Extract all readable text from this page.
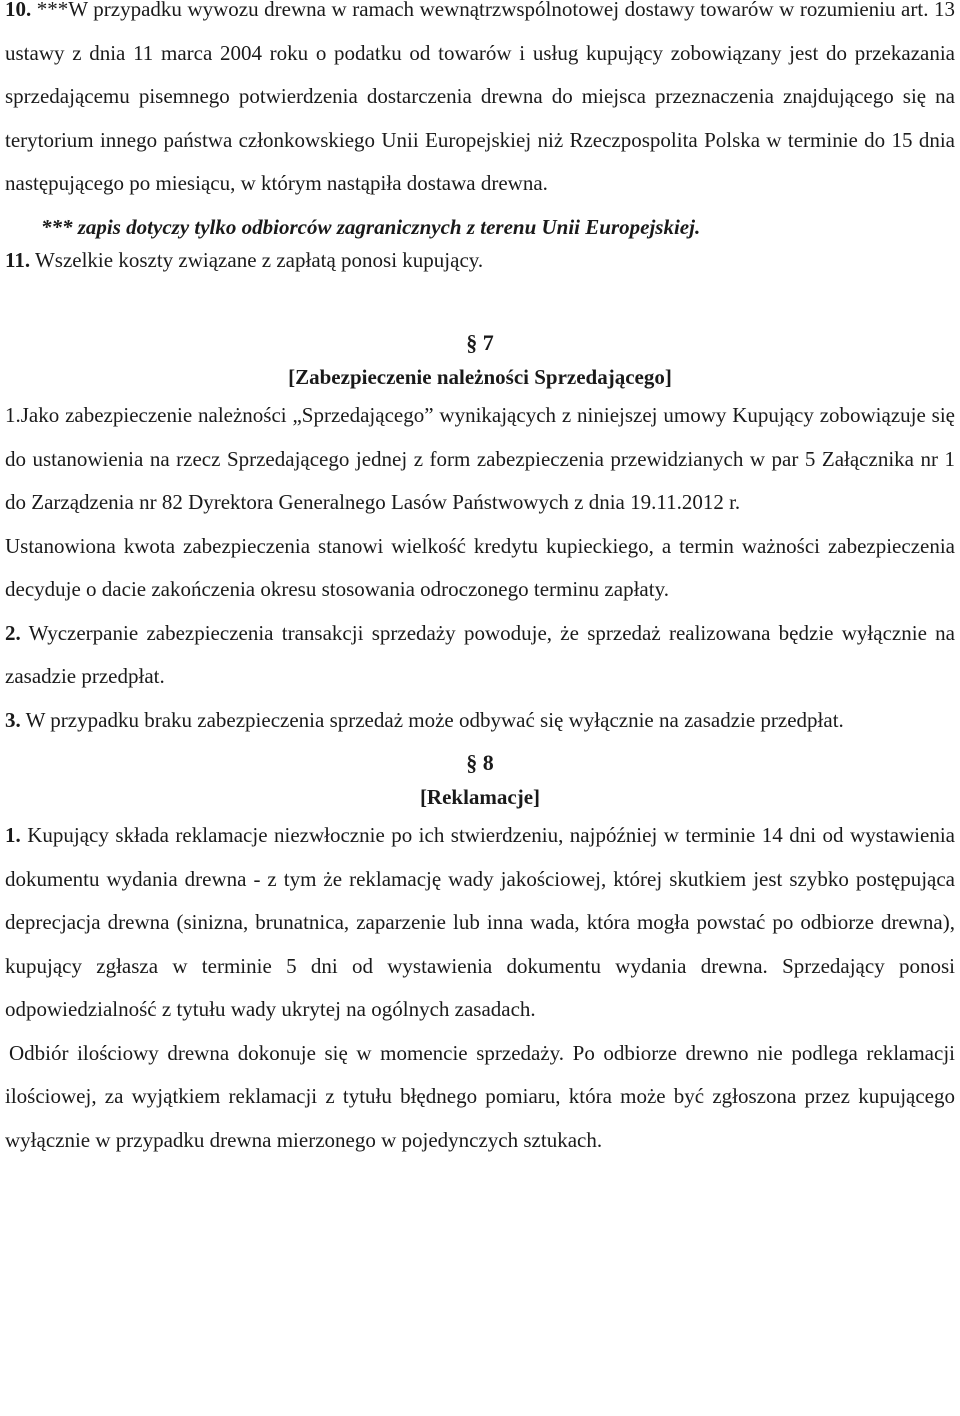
10. ***W przypadku wywozu drewna w ramach wewnątrzwspólnotowej dostawy towarów w rozumieniu art. 13 ustawy z dnia 11 marca 2004 roku o podatku od towarów i usług kupujący zobowiązany jest do przekazania sprzedającemu pisemnego potwierdzenia dostarczenia drewna do miejsca przeznaczenia znajdującego się na terytorium innego państwa członkowskiego Unii Europejskiej niż Rzeczpospolita Polska w terminie do 15 dnia następującego po miesiącu, w którym nastąpiła dostawa drewna.

*** zapis dotyczy tylko odbiorców zagranicznych z terenu Unii Europejskiej.

11. Wszelkie koszty związane z zapłatą ponosi kupujący.

§ 7

[Zabezpieczenie należności Sprzedającego]

1.Jako zabezpieczenie należności „Sprzedającego” wynikających z niniejszej umowy Kupujący zobowiązuje się do ustanowienia na rzecz Sprzedającego jednej z form zabezpieczenia przewidzianych w par 5 Załącznika nr 1 do Zarządzenia nr 82 Dyrektora Generalnego Lasów Państwowych z dnia 19.11.2012 r.

Ustanowiona kwota zabezpieczenia stanowi wielkość kredytu kupieckiego, a termin ważności zabezpieczenia decyduje o dacie zakończenia okresu stosowania odroczonego terminu zapłaty.

2. Wyczerpanie zabezpieczenia transakcji sprzedaży powoduje, że sprzedaż realizowana będzie wyłącznie na zasadzie przedpłat.

3. W przypadku braku zabezpieczenia sprzedaż może odbywać się wyłącznie na zasadzie przedpłat.

§ 8

[Reklamacje]

1. Kupujący składa reklamacje niezwłocznie po ich stwierdzeniu, najpóźniej w terminie 14 dni od wystawienia dokumentu wydania drewna - z tym że reklamację wady jakościowej, której skutkiem jest szybko postępująca deprecjacja drewna (sinizna, brunatnica, zaparzenie lub inna wada, która mogła powstać po odbiorze drewna), kupujący zgłasza w terminie 5 dni od wystawienia dokumentu wydania drewna. Sprzedający ponosi odpowiedzialność z tytułu wady ukrytej na ogólnych zasadach.

Odbiór ilościowy drewna dokonuje się w momencie sprzedaży. Po odbiorze drewno nie podlega reklamacji ilościowej, za wyjątkiem reklamacji z tytułu błędnego pomiaru, która może być zgłoszona przez kupującego wyłącznie w przypadku drewna mierzonego w pojedynczych sztukach.
